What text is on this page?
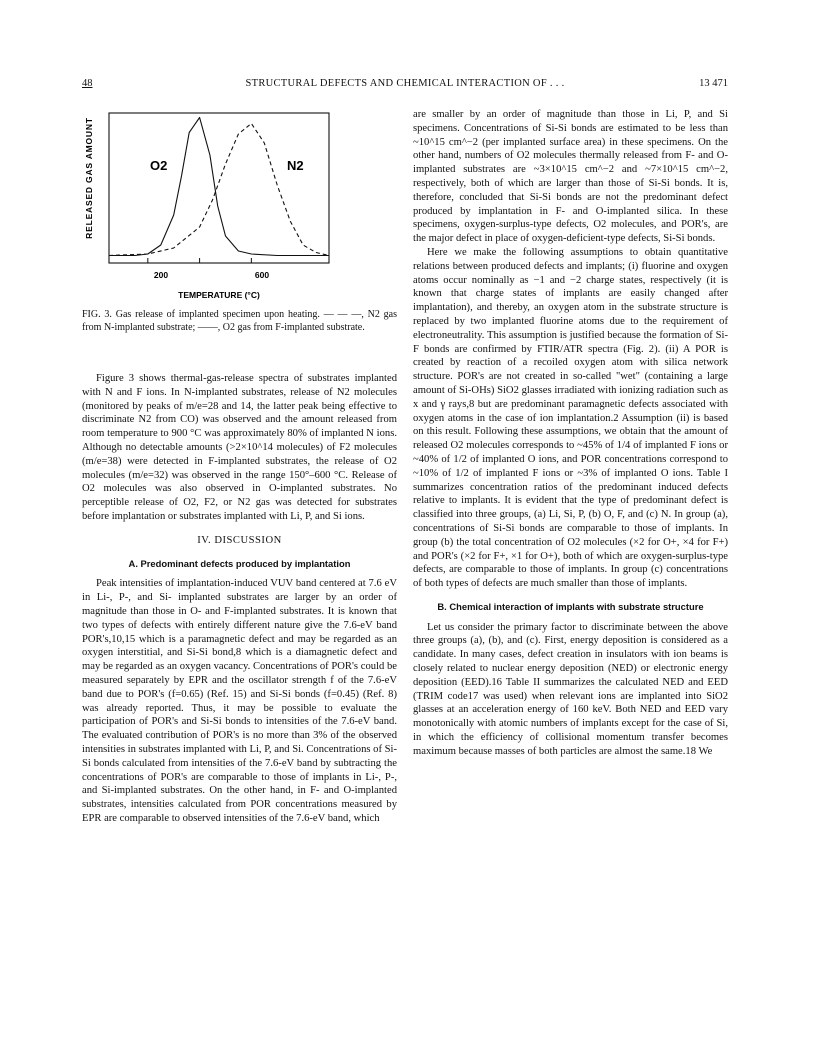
48	STRUCTURAL DEFECTS AND CHEMICAL INTERACTION OF . . .	13 471
RELEASED GAS AMOUNT	O2	N2
200	600
TEMPERATURE (°C)

FIG. 3. Gas release of implanted specimen upon heating. — — —, N2 gas from N-implanted substrate; ——, O2 gas from F-implanted substrate.

Figure 3 shows thermal-gas-release spectra of substrates implanted with N and F ions. In N-implanted substrates, release of N2 molecules (monitored by peaks of m/e=28 and 14, the latter peak being effective to discriminate N2 from CO) was observed and the amount released from room temperature to 900 °C was approximately 80% of implanted N ions. Although no detectable amounts (>2×10^14 molecules) of F2 molecules (m/e=38) were detected in F-implanted substrates, the release of O2 molecules (m/e=32) was observed in the range 150°–600 °C. Release of O2 molecules was also observed in O-implanted substrates. No perceptible release of O2, F2, or N2 gas was detected for substrates before implantation or substrates implanted with Li, P, and Si ions.

IV. DISCUSSION
A. Predominant defects produced by implantation

Peak intensities of implantation-induced VUV band centered at 7.6 eV in Li-, P-, and Si- implanted substrates are larger by an order of magnitude than those in O- and F-implanted substrates. It is known that two types of defects with entirely different nature give the 7.6-eV band POR's,10,15 which is a paramagnetic defect and may be regarded as an oxygen interstitial, and Si-Si bond,8 which is a diamagnetic defect and may be regarded as an oxygen vacancy. Concentrations of POR's could be measured separately by EPR and the oscillator strength f of the 7.6-eV band due to POR's (f=0.65) (Ref. 15) and Si-Si bonds (f=0.45) (Ref. 8) was already reported. Thus, it may be possible to evaluate the participation of POR's and Si-Si bonds to intensities of the 7.6-eV band. The evaluated contribution of POR's is no more than 3% of the observed intensities in substrates implanted with Li, P, and Si. Concentrations of Si-Si bonds calculated from intensities of the 7.6-eV band by subtracting the concentrations of POR's are comparable to those of implants in Li-, P-, and Si-implanted substrates. On the other hand, in F- and O-implanted substrates, intensities calculated from POR concentrations measured by EPR are comparable to observed intensities of the 7.6-eV band, which

are smaller by an order of magnitude than those in Li, P, and Si specimens. Concentrations of Si-Si bonds are estimated to be less than ~10^15 cm^−2 (per implanted surface area) in these specimens. On the other hand, numbers of O2 molecules thermally released from F- and O-implanted substrates are ~3×10^15 cm^−2 and ~7×10^15 cm^−2, respectively, both of which are larger than those of Si-Si bonds. It is, therefore, concluded that Si-Si bonds are not the predominant defect produced by implantation in F- and O-implanted silica. In these specimens, oxygen-surplus-type defects, O2 molecules, and POR's, are the major defect in place of oxygen-deficient-type defects, Si-Si bonds.

Here we make the following assumptions to obtain quantitative relations between produced defects and implants; (i) fluorine and oxygen atoms occur nominally as −1 and −2 charge states, respectively (it is known that charge states of implants are easily changed after implantation), and thereby, an oxygen atom in the substrate structure is replaced by two implanted fluorine atoms due to the requirement of electroneutrality. This assumption is justified because the formation of Si-F bonds are confirmed by FTIR/ATR spectra (Fig. 2). (ii) A POR is created by reaction of a recoiled oxygen atom with silica network structure. POR's are not created in so-called "wet" (containing a large amount of Si-OHs) SiO2 glasses irradiated with ionizing radiation such as x and γ rays,8 but are predominant paramagnetic defects associated with oxygen atoms in the case of ion implantation.2 Assumption (ii) is based on this result. Following these assumptions, we obtain that the amount of released O2 molecules corresponds to ~45% of 1/4 of implanted F ions or ~40% of 1/2 of implanted O ions, and POR concentrations correspond to ~10% of 1/2 of implanted F ions or ~3% of implanted O ions. Table I summarizes concentration ratios of the predominant induced defects relative to implants. It is evident that the type of predominant defect is classified into three groups, (a) Li, Si, P, (b) O, F, and (c) N. In group (a), concentrations of Si-Si bonds are comparable to those of implants. In group (b) the total concentration of O2 molecules (×2 for O+, ×4 for F+) and POR's (×2 for F+, ×1 for O+), both of which are oxygen-surplus-type defects, are comparable to those of implants. In group (c) concentrations of both types of defects are much smaller than those of implants.

B. Chemical interaction of implants with substrate structure

Let us consider the primary factor to discriminate between the above three groups (a), (b), and (c). First, energy deposition is considered as a candidate. In many cases, defect creation in insulators with ion beams is closely related to nuclear energy deposition (NED) or electronic energy deposition (EED).16 Table II summarizes the calculated NED and EED (TRIM code17 was used) when relevant ions are implanted into SiO2 glasses at an acceleration energy of 160 keV. Both NED and EED vary monotonically with atomic numbers of implants except for the case of Si, in which the efficiency of collisional momentum transfer becomes maximum because masses of both particles are almost the same.18 We
